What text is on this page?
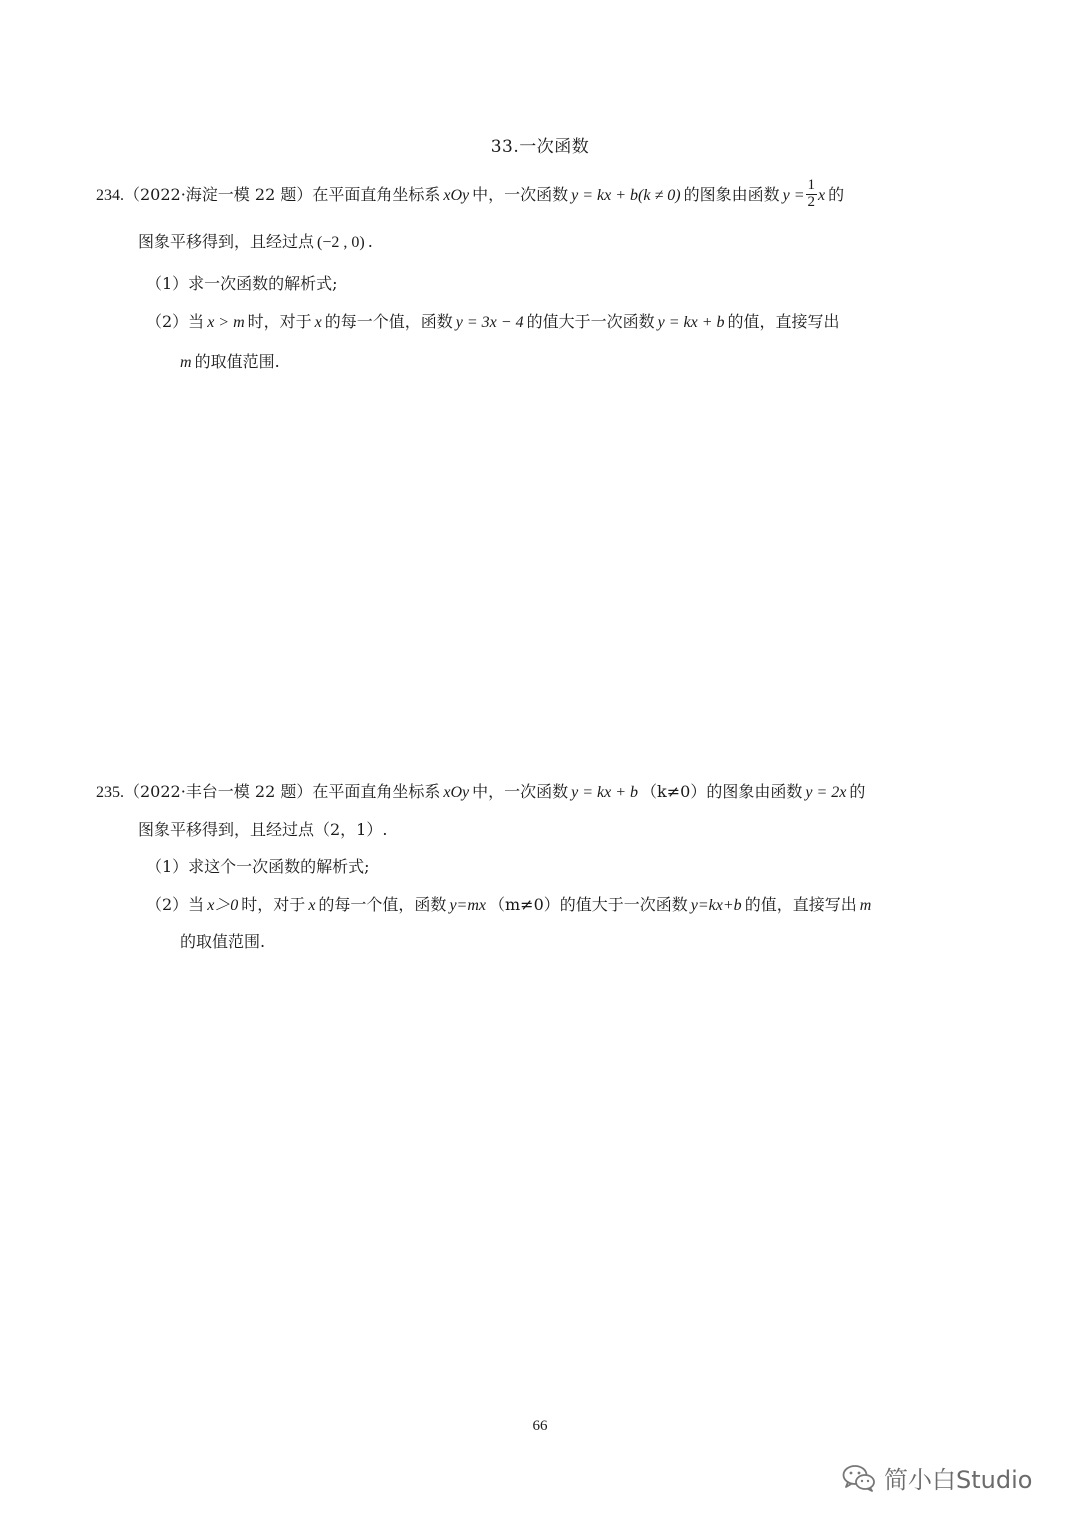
33.一次函数
234.（2022·海淀一模 22 题）在平面直角坐标系 xOy 中，一次函数 y = kx + b(k ≠ 0) 的图象由函数 $y = \frac{1}{2}$ x 的
图象平移得到，且经过点 (−2 , 0) .
（1）求一次函数的解析式;
（2）当 x > m 时，对于 x 的每一个值，函数 y = 3x − 4 的值大于一次函数 y = kx + b 的值，直接写出
m 的取值范围.
235.（2022·丰台一模 22 题）在平面直角坐标系 xOy 中，一次函数 y = kx + b （k≠0）的图象由函数 y = 2x 的
图象平移得到，且经过点（2，1）.
（1）求这个一次函数的解析式;
（2）当 x＞0 时，对于 x 的每一个值，函数 y=mx （m≠0）的值大于一次函数 y=kx+b 的值，直接写出 m
的取值范围.
66
简小白Studio
